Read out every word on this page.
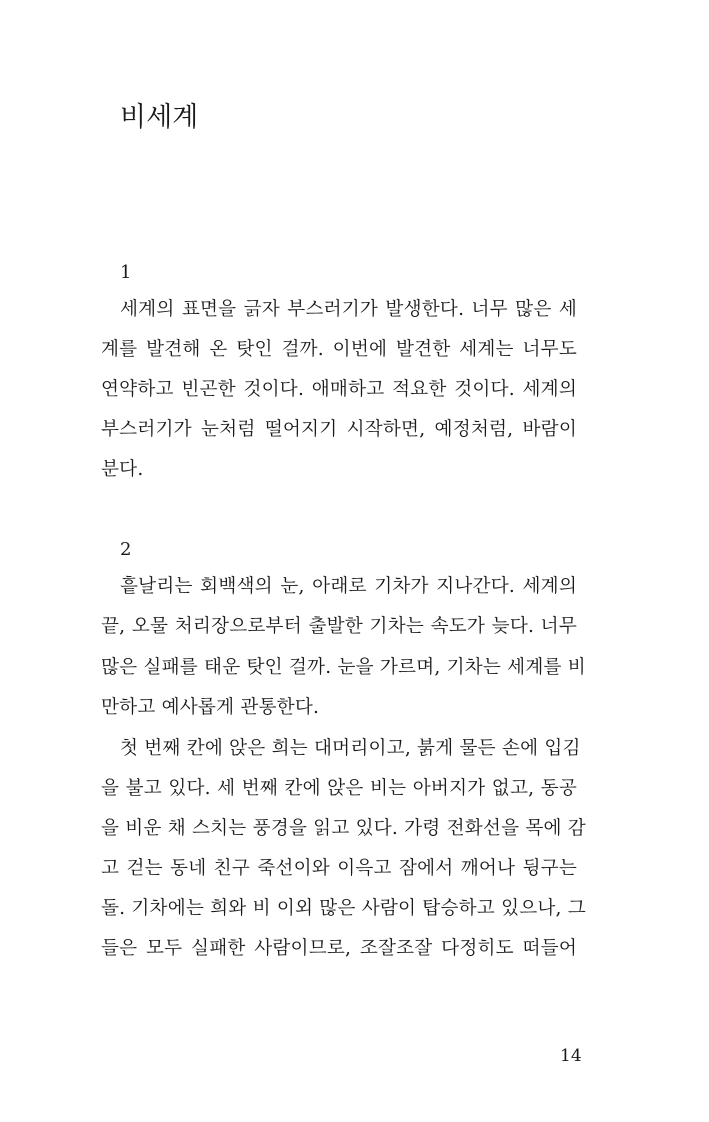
비세계
1
세계의 표면을 긁자 부스러기가 발생한다. 너무 많은 세
계를 발견해 온 탓인 걸까. 이번에 발견한 세계는 너무도
연약하고 빈곤한 것이다. 애매하고 적요한 것이다. 세계의
부스러기가 눈처럼 떨어지기 시작하면, 예정처럼, 바람이
분다.
2
흩날리는 회백색의 눈, 아래로 기차가 지나간다. 세계의
끝, 오물 처리장으로부터 출발한 기차는 속도가 늦다. 너무
많은 실패를 태운 탓인 걸까. 눈을 가르며, 기차는 세계를 비
만하고 예사롭게 관통한다.
첫 번째 칸에 앉은 희는 대머리이고, 붉게 물든 손에 입김
을 불고 있다. 세 번째 칸에 앉은 비는 아버지가 없고, 동공
을 비운 채 스치는 풍경을 읽고 있다. 가령 전화선을 목에 감
고 걷는 동네 친구 죽선이와 이윽고 잠에서 깨어나 뒹구는
돌. 기차에는 희와 비 이외 많은 사람이 탑승하고 있으나, 그
들은 모두 실패한 사람이므로, 조잘조잘 다정히도 떠들어
14
